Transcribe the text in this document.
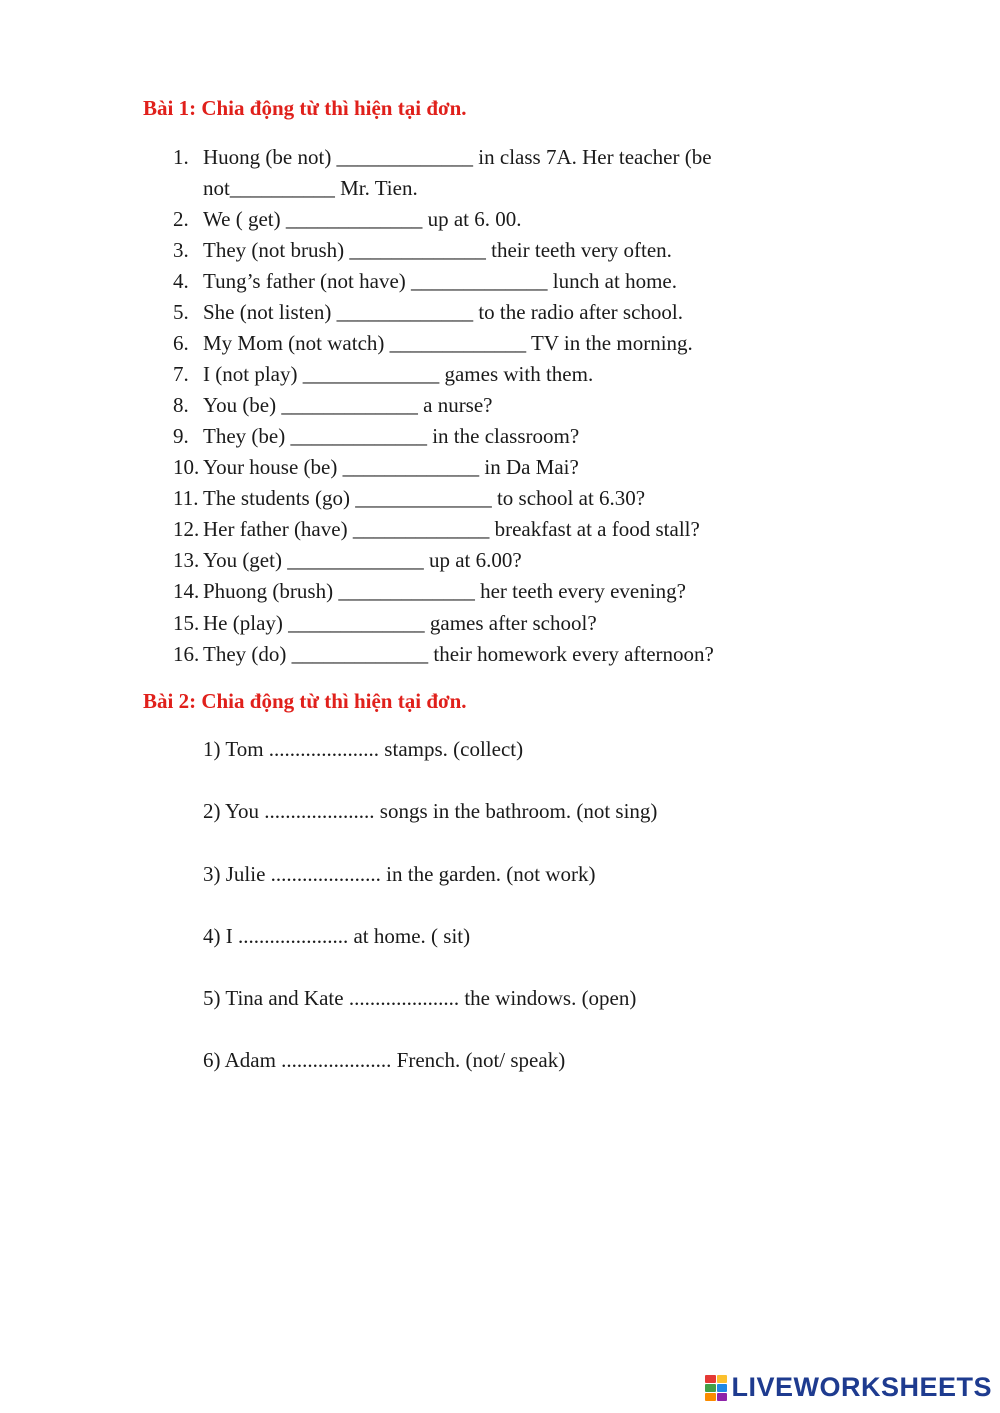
Bài 1: Chia động từ thì hiện tại đơn.
1. Huong (be not) _____________ in class 7A. Her teacher (be
not__________ Mr. Tien.
2. We ( get) _____________ up at 6. 00.
3. They (not brush) _____________ their teeth very often.
4. Tung’s father (not have) _____________ lunch at home.
5. She (not listen) _____________ to the radio after school.
6. My Mom (not watch) _____________ TV in the morning.
7. I (not play) _____________ games with them.
8. You (be) _____________ a nurse?
9. They (be) _____________ in the classroom?
10. Your house (be) _____________ in Da Mai?
11. The students (go) _____________ to school at 6.30?
12. Her father (have) _____________ breakfast at a food stall?
13. You (get) _____________ up at 6.00?
14. Phuong (brush) _____________ her teeth every evening?
15. He (play) _____________ games after school?
16. They (do) _____________ their homework every afternoon?
Bài 2: Chia động từ thì hiện tại đơn.
1) Tom ..................... stamps. (collect)
2) You ..................... songs in the bathroom. (not sing)
3) Julie ..................... in the garden. (not work)
4) I ..................... at home. ( sit)
5) Tina and Kate ..................... the windows. (open)
6) Adam ..................... French. (not/ speak)
LIVEWORKSHEETS
